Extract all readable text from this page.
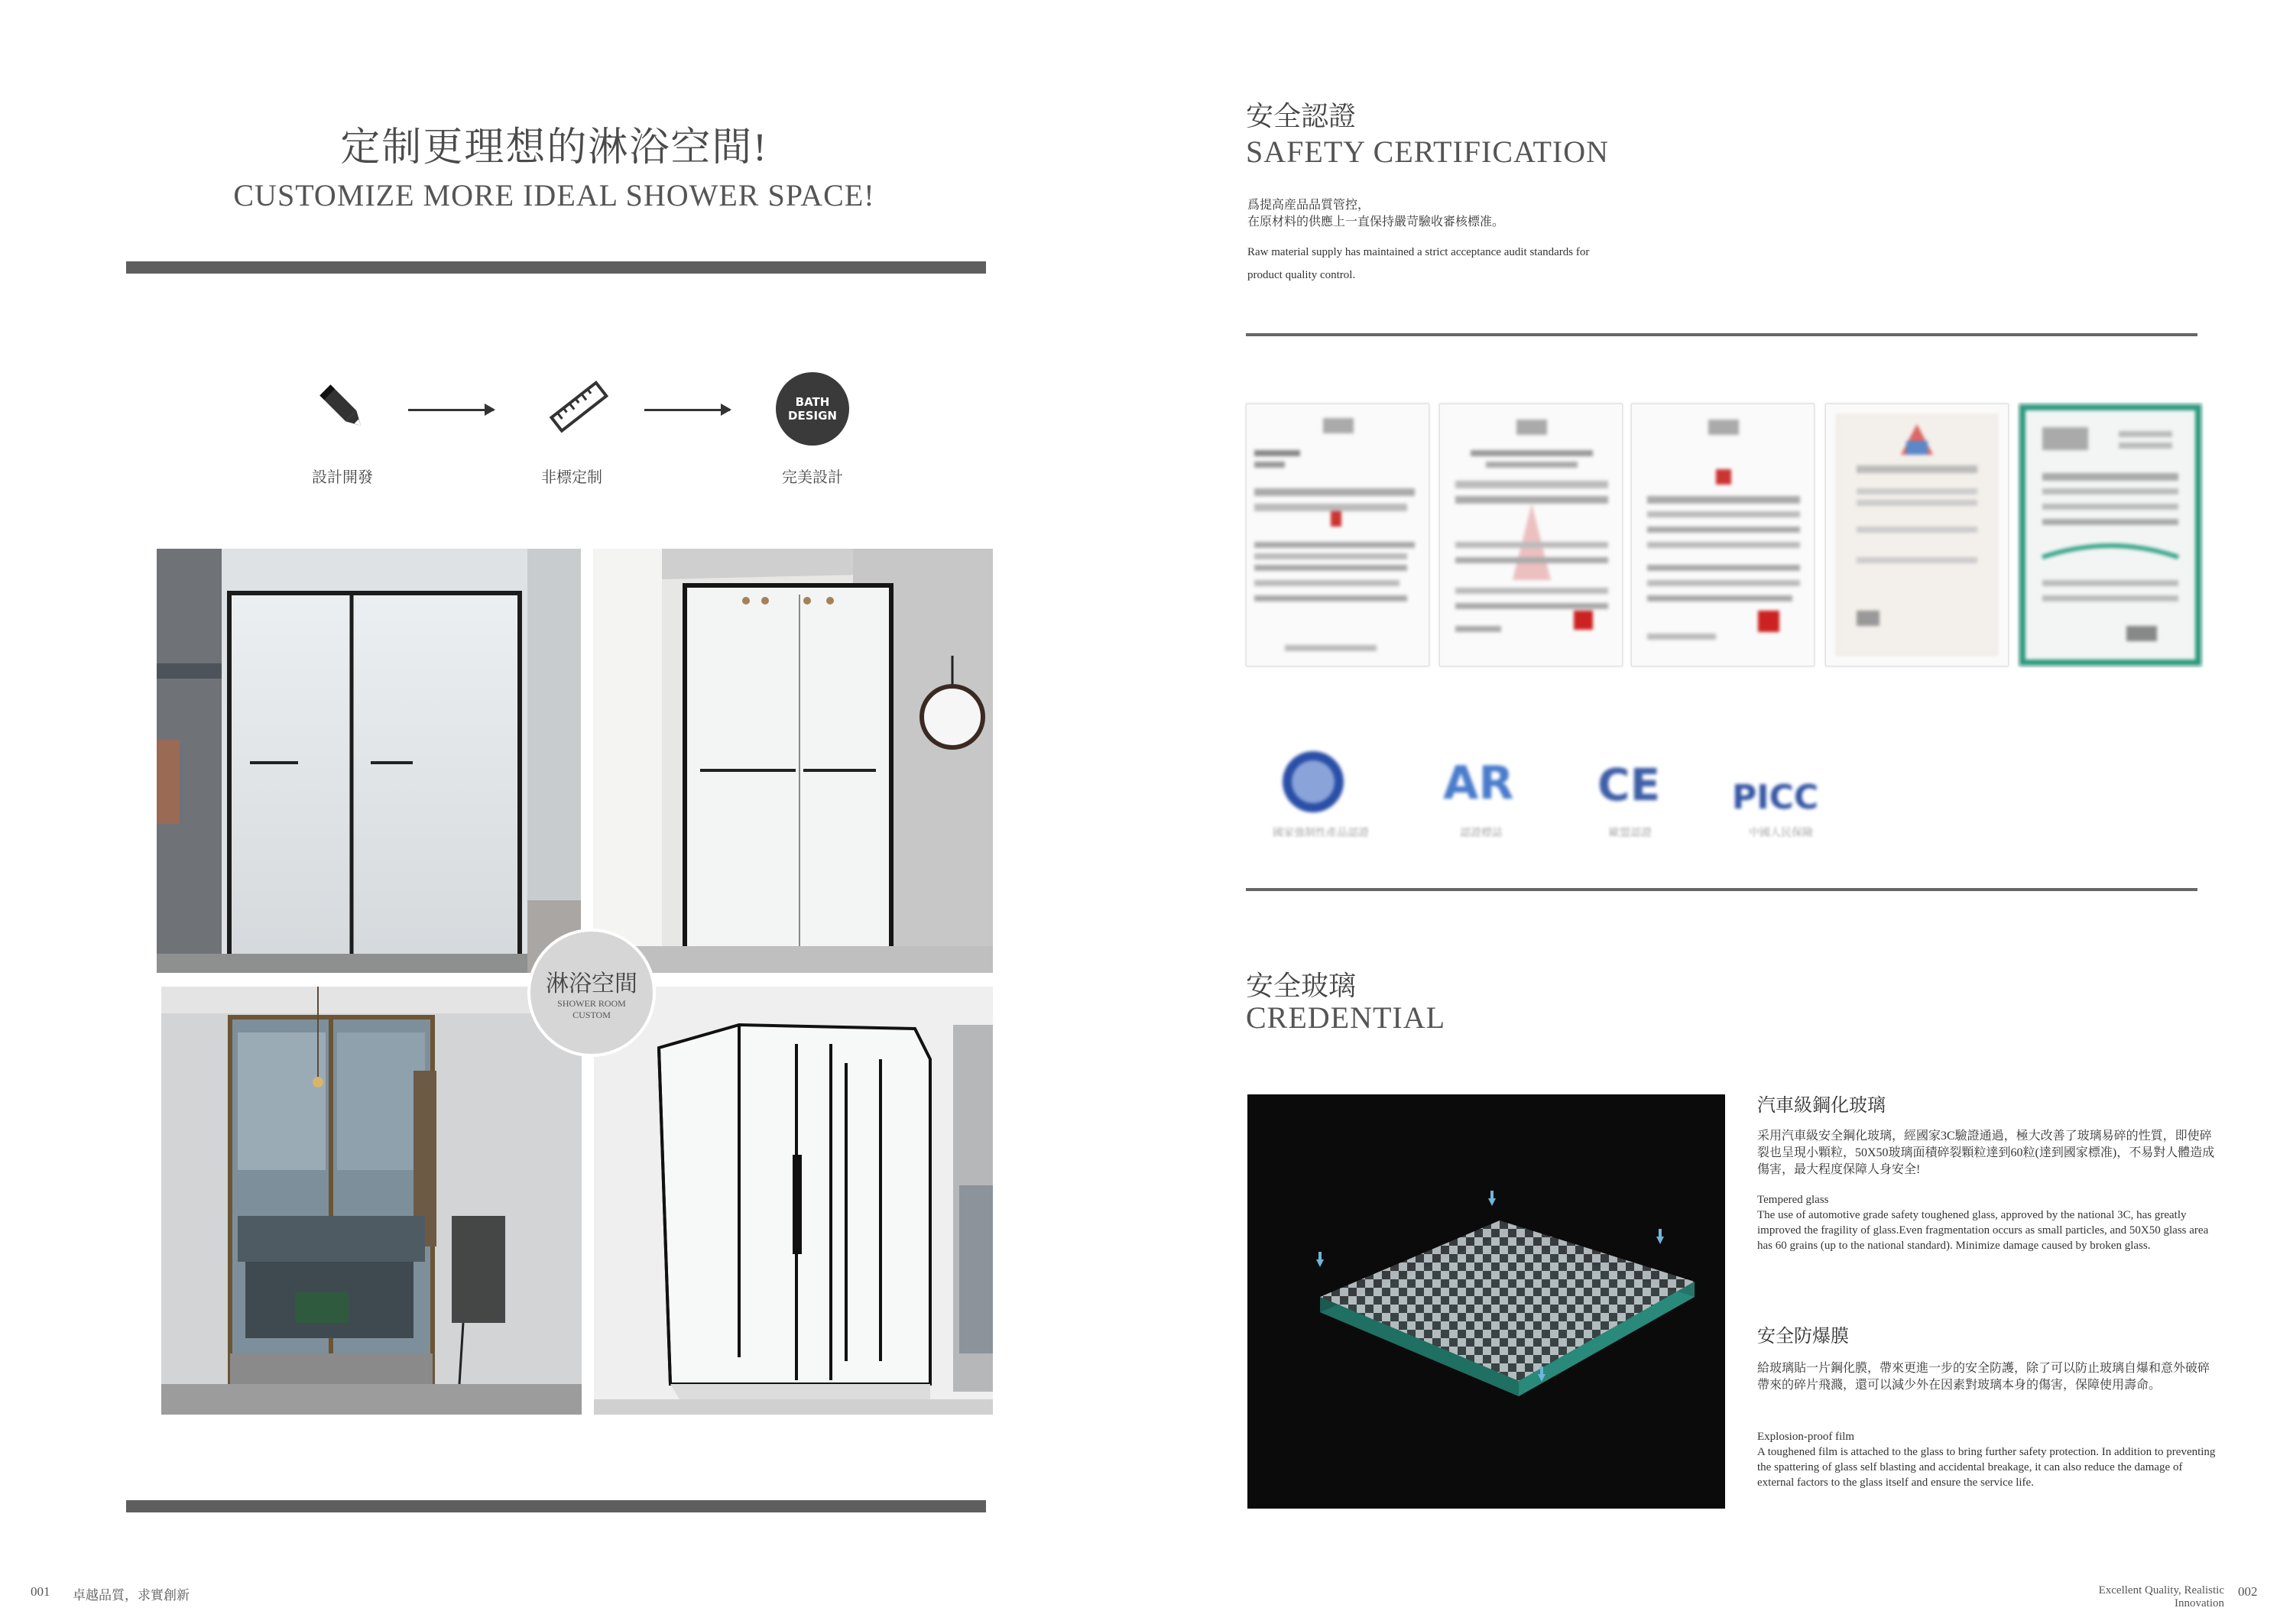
定制更理想的淋浴空間!
CUSTOMIZE MORE IDEAL SHOWER SPACE!
BATH
DESIGN
設計開發	非標定制	完美設計
淋浴空間
SHOWER ROOM
CUSTOM
001 卓越品質，求實創新
安全認證
SAFETY CERTIFICATION
爲提高産品品質管控，
在原材料的供應上一直保持嚴苛驗收審核標准。
Raw material supply has maintained a strict acceptance audit standards for
product quality control.
國家強制性產品認證
AR
認證標誌
CE
歐盟認證
PICC
中國人民保險
安全玻璃
CREDENTIAL
汽車級鋼化玻璃
采用汽車級安全鋼化玻璃，經國家3C驗證通過，極大改善了玻璃易碎的性質，即使碎裂也呈現小顆粒，50X50玻璃面積碎裂顆粒達到60粒(達到國家標准)，不易對人體造成傷害，最大程度保障人身安全!
Tempered glass
The use of automotive grade safety toughened glass, approved by the national 3C, has greatly improved the fragility of glass.Even fragmentation occurs as small particles, and 50X50 glass area has 60 grains (up to the national standard). Minimize damage caused by broken glass.
安全防爆膜
給玻璃貼一片鋼化膜，帶來更進一步的安全防護，除了可以防止玻璃自爆和意外破碎帶來的碎片飛濺，還可以減少外在因素對玻璃本身的傷害，保障使用壽命。
Explosion-proof film
A toughened film is attached to the glass to bring further safety protection. In addition to preventing the spattering of glass self blasting and accidental breakage, it can also reduce the damage of external factors to the glass itself and ensure the service life.
Excellent Quality, Realistic Innovation
002
